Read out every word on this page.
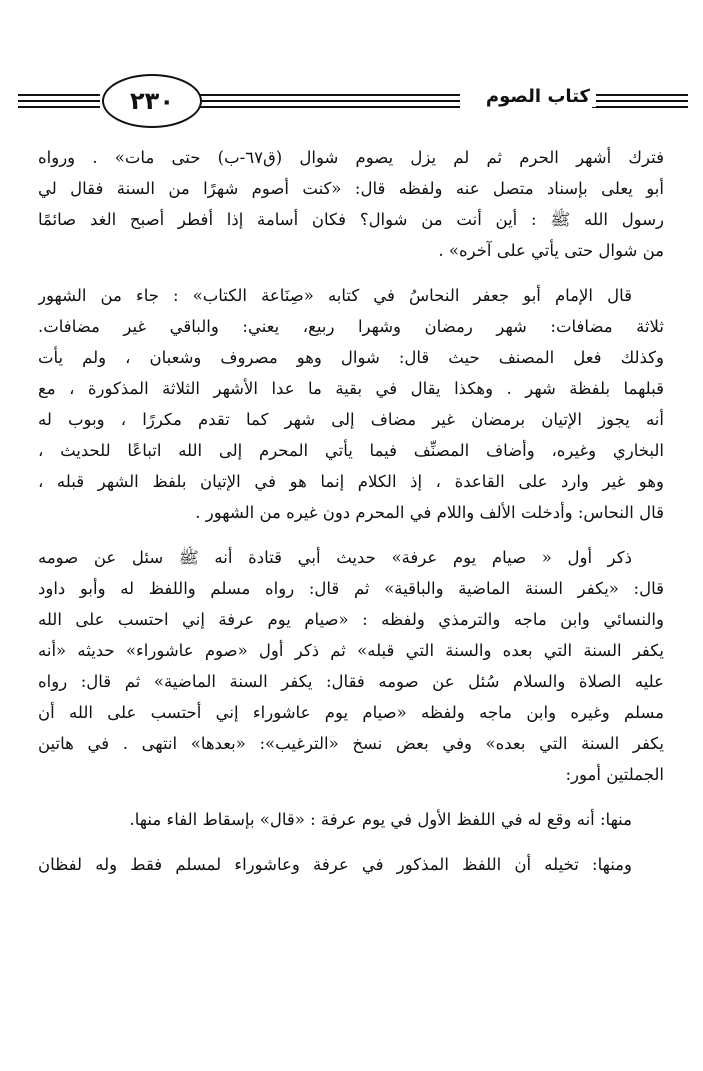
٢٣٠	كتاب الصوم
فترك أشهر الحرم ثم لم يزل يصوم شوال (ق٦٧-ب) حتى مات» . ورواه
أبو يعلى بإسناد متصل عنه ولفظه قال: «كنت أصوم شهرًا من السنة فقال لي
رسول الله ﷺ : أين أنت من شوال؟ فكان أسامة إذا أفطر أصبح الغد صائمًا
من شوال حتى يأتي على آخره» .
قال الإمام أبو جعفر النحاسُ في كتابه «صِنَاعة الكتاب» : جاء من الشهور
ثلاثة مضافات: شهر رمضان وشهرا ربيع، يعني: والباقي غير مضافات.
وكذلك فعل المصنف حيث قال: شوال وهو مصروف وشعبان ، ولم يأت
قبلهما بلفظة شهر . وهكذا يقال في بقية ما عدا الأشهر الثلاثة المذكورة ، مع
أنه يجوز الإتيان برمضان غير مضاف إلى شهر كما تقدم مكررًا ، وبوب له
البخاري وغيره، وأضاف المصنِّف فيما يأتي المحرم إلى الله اتباعًا للحديث ،
وهو غير وارد على القاعدة ، إذ الكلام إنما هو في الإتيان بلفظ الشهر قبله ،
قال النحاس: وأدخلت الألف واللام في المحرم دون غيره من الشهور .
ذكر أول « صيام يوم عرفة» حديث أبي قتادة أنه ﷺ سئل عن صومه
قال: «يكفر السنة الماضية والباقية» ثم قال: رواه مسلم واللفظ له وأبو داود
والنسائي وابن ماجه والترمذي ولفظه : «صيام يوم عرفة إني احتسب على الله
يكفر السنة التي بعده والسنة التي قبله» ثم ذكر أول «صوم عاشوراء» حديثه «أنه
عليه الصلاة والسلام سُئل عن صومه فقال: يكفر السنة الماضية» ثم قال: رواه
مسلم وغيره وابن ماجه ولفظه «صيام يوم عاشوراء إني أحتسب على الله أن
يكفر السنة التي بعده» وفي بعض نسخ «الترغيب»: «بعدها» انتهى . في هاتين
الجملتين أمور:
منها: أنه وقع له في اللفظ الأول في يوم عرفة : «قال» بإسقاط الفاء منها.
ومنها: تخيله أن اللفظ المذكور في عرفة وعاشوراء لمسلم فقط وله لفظان
